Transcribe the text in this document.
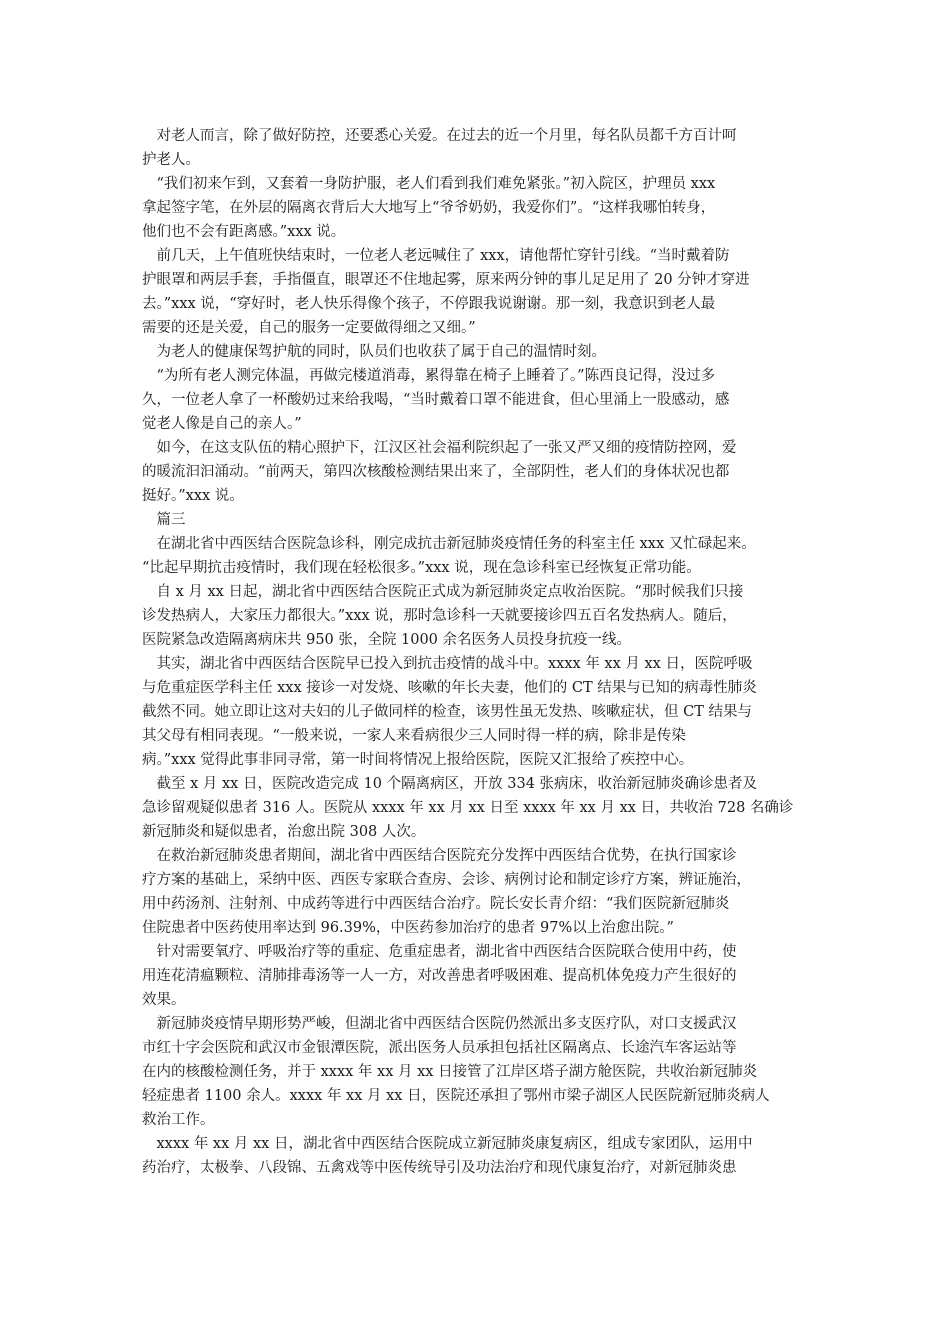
　对老人而言，除了做好防控，还要悉心关爱。在过去的近一个月里，每名队员都千方百计呵
护老人。
　“我们初来乍到，又套着一身防护服，老人们看到我们难免紧张。”初入院区，护理员 xxx
拿起签字笔，在外层的隔离衣背后大大地写上“爷爷奶奶，我爱你们”。“这样我哪怕转身，
他们也不会有距离感。”xxx 说。
　前几天，上午值班快结束时，一位老人老远喊住了 xxx，请他帮忙穿针引线。“当时戴着防
护眼罩和两层手套，手指僵直，眼罩还不住地起雾，原来两分钟的事儿足足用了 20 分钟才穿进
去。”xxx 说，“穿好时，老人快乐得像个孩子，不停跟我说谢谢。那一刻，我意识到老人最
需要的还是关爱，自己的服务一定要做得细之又细。”
　为老人的健康保驾护航的同时，队员们也收获了属于自己的温情时刻。
　“为所有老人测完体温，再做完楼道消毒，累得靠在椅子上睡着了。”陈西良记得，没过多
久，一位老人拿了一杯酸奶过来给我喝，“当时戴着口罩不能进食，但心里涌上一股感动，感
觉老人像是自己的亲人。”
　如今，在这支队伍的精心照护下，江汉区社会福利院织起了一张又严又细的疫情防控网，爱
的暖流汩汩涌动。“前两天，第四次核酸检测结果出来了，全部阴性，老人们的身体状况也都
挺好。”xxx 说。
　篇三
　在湖北省中西医结合医院急诊科，刚完成抗击新冠肺炎疫情任务的科室主任 xxx 又忙碌起来。
“比起早期抗击疫情时，我们现在轻松很多。”xxx 说，现在急诊科室已经恢复正常功能。
　自 x 月 xx 日起，湖北省中西医结合医院正式成为新冠肺炎定点收治医院。“那时候我们只接
诊发热病人，大家压力都很大。”xxx 说，那时急诊科一天就要接诊四五百名发热病人。随后，
医院紧急改造隔离病床共 950 张，全院 1000 余名医务人员投身抗疫一线。
　其实，湖北省中西医结合医院早已投入到抗击疫情的战斗中。xxxx 年 xx 月 xx 日，医院呼吸
与危重症医学科主任 xxx 接诊一对发烧、咳嗽的年长夫妻，他们的 CT 结果与已知的病毒性肺炎
截然不同。她立即让这对夫妇的儿子做同样的检查，该男性虽无发热、咳嗽症状，但 CT 结果与
其父母有相同表现。“一般来说，一家人来看病很少三人同时得一样的病，除非是传染
病。”xxx 觉得此事非同寻常，第一时间将情况上报给医院，医院又汇报给了疾控中心。
　截至 x 月 xx 日，医院改造完成 10 个隔离病区，开放 334 张病床，收治新冠肺炎确诊患者及
急诊留观疑似患者 316 人。医院从 xxxx 年 xx 月 xx 日至 xxxx 年 xx 月 xx 日，共收治 728 名确诊
新冠肺炎和疑似患者，治愈出院 308 人次。
　在救治新冠肺炎患者期间，湖北省中西医结合医院充分发挥中西医结合优势，在执行国家诊
疗方案的基础上，采纳中医、西医专家联合查房、会诊、病例讨论和制定诊疗方案，辨证施治，
用中药汤剂、注射剂、中成药等进行中西医结合治疗。院长安长青介绍：“我们医院新冠肺炎
住院患者中医药使用率达到 96.39%，中医药参加治疗的患者 97%以上治愈出院。”
　针对需要氧疗、呼吸治疗等的重症、危重症患者，湖北省中西医结合医院联合使用中药，使
用连花清瘟颗粒、清肺排毒汤等一人一方，对改善患者呼吸困难、提高机体免疫力产生很好的
效果。
　新冠肺炎疫情早期形势严峻，但湖北省中西医结合医院仍然派出多支医疗队，对口支援武汉
市红十字会医院和武汉市金银潭医院，派出医务人员承担包括社区隔离点、长途汽车客运站等
在内的核酸检测任务，并于 xxxx 年 xx 月 xx 日接管了江岸区塔子湖方舱医院，共收治新冠肺炎
轻症患者 1100 余人。xxxx 年 xx 月 xx 日，医院还承担了鄂州市梁子湖区人民医院新冠肺炎病人
救治工作。
　xxxx 年 xx 月 xx 日，湖北省中西医结合医院成立新冠肺炎康复病区，组成专家团队，运用中
药治疗，太极拳、八段锦、五禽戏等中医传统导引及功法治疗和现代康复治疗，对新冠肺炎患
